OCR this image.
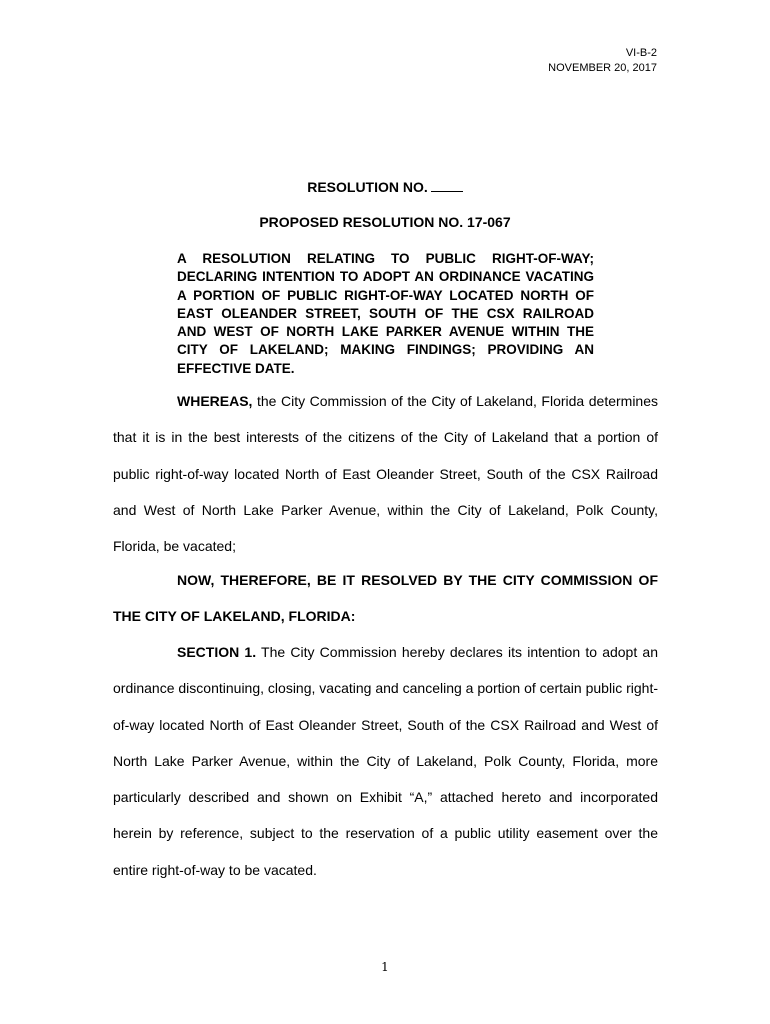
VI-B-2
NOVEMBER 20, 2017
RESOLUTION NO.
PROPOSED RESOLUTION NO. 17-067
A RESOLUTION RELATING TO PUBLIC RIGHT-OF-WAY; DECLARING INTENTION TO ADOPT AN ORDINANCE VACATING A PORTION OF PUBLIC RIGHT-OF-WAY LOCATED NORTH OF EAST OLEANDER STREET, SOUTH OF THE CSX RAILROAD AND WEST OF NORTH LAKE PARKER AVENUE WITHIN THE CITY OF LAKELAND; MAKING FINDINGS; PROVIDING AN EFFECTIVE DATE.
WHEREAS, the City Commission of the City of Lakeland, Florida determines that it is in the best interests of the citizens of the City of Lakeland that a portion of public right-of-way located North of East Oleander Street, South of the CSX Railroad and West of North Lake Parker Avenue, within the City of Lakeland, Polk County, Florida, be vacated;
NOW, THEREFORE, BE IT RESOLVED BY THE CITY COMMISSION OF THE CITY OF LAKELAND, FLORIDA:
SECTION 1. The City Commission hereby declares its intention to adopt an ordinance discontinuing, closing, vacating and canceling a portion of certain public right-of-way located North of East Oleander Street, South of the CSX Railroad and West of North Lake Parker Avenue, within the City of Lakeland, Polk County, Florida, more particularly described and shown on Exhibit “A,” attached hereto and incorporated herein by reference, subject to the reservation of a public utility easement over the entire right-of-way to be vacated.
1
